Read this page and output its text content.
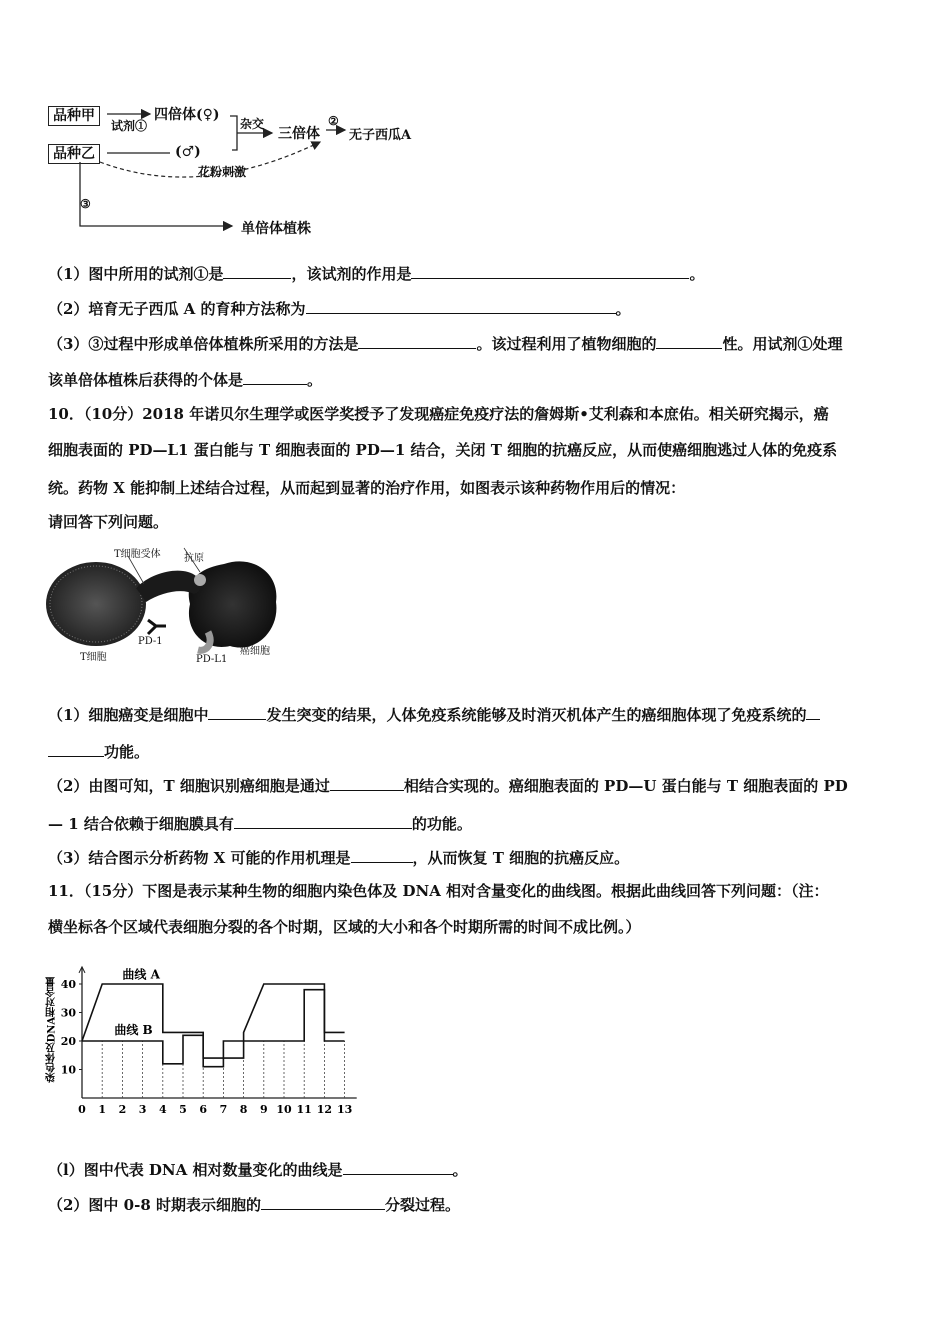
品种甲
品种乙
试剂①
四倍体(♀)
(♂)
杂交
三倍体
②
无子西瓜A
花粉刺激
③
单倍体植株
（1）图中所用的试剂①是	，该试剂的作用是	。
（2）培育无子西瓜 A 的育种方法称为	。
（3）③过程中形成单倍体植株所采用的方法是	。该过程利用了植物细胞的	性。用试剂①处理
该单倍体植株后获得的个体是	。
10．（10分）2018 年诺贝尔生理学或医学奖授予了发现癌症免疫疗法的詹姆斯•艾利森和本庶佑。相关研究揭示，癌
细胞表面的 PD—L1 蛋白能与 T 细胞表面的 PD—1 结合，关闭 T 细胞的抗癌反应，从而使癌细胞逃过人体的免疫系
统。药物 X 能抑制上述结合过程，从而起到显著的治疗作用，如图表示该种药物作用后的情况：
请回答下列问题。
T细胞受体 抗原
PD-1
T细胞	PD-L1
癌细胞
（1）细胞癌变是细胞中	发生突变的结果，人体免疫系统能够及时消灭机体产生的癌细胞体现了免疫系统的
功能。
（2）由图可知，T 细胞识别癌细胞是通过	相结合实现的。癌细胞表面的 PD—U 蛋白能与 T 细胞表面的 PD
— 1 结合依赖于细胞膜具有	的功能。
（3）结合图示分析药物 X 可能的作用机理是	，从而恢复 T 细胞的抗癌反应。
11．（15分）下图是表示某种生物的细胞内染色体及 DNA 相对含量变化的曲线图。根据此曲线回答下列问题：（注：
横坐标各个区域代表细胞分裂的各个时期，区域的大小和各个时期所需的时间不成比例。）
10
20
30
40
0 1 2 3 4 5 6 7 8 9 10 11 12 13
曲线 A
曲线 B
染色体及DNA相对含量
（l）图中代表 DNA 相对数量变化的曲线是	。
（2）图中 0-8 时期表示细胞的	分裂过程。
